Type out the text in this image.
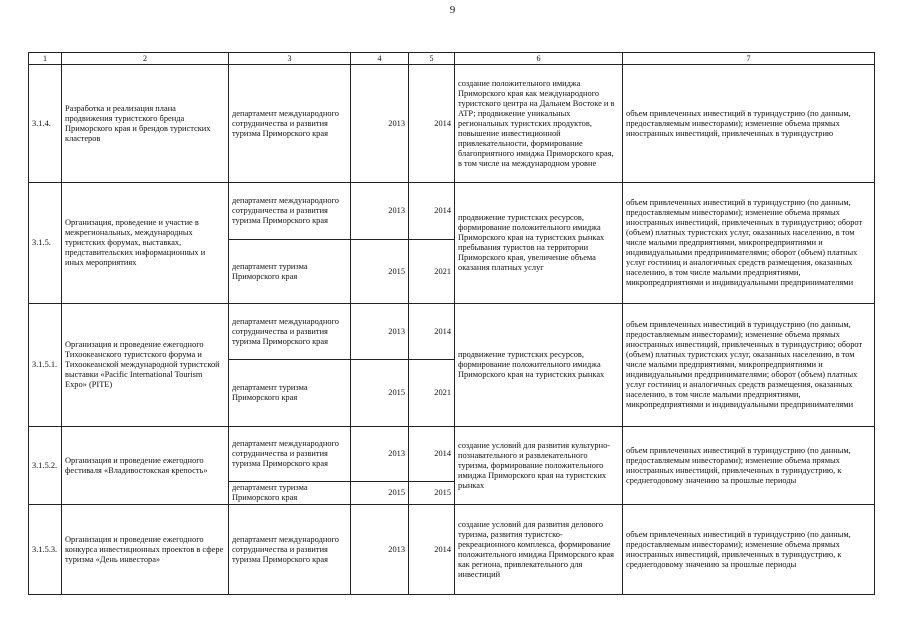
9
1	2	3	4	5	6	7
3.1.4.	Разработка и реализация плана продвижения туристского бренда Приморского края и брендов туристских кластеров	департамент международного сотрудничества и развития туризма Приморского края	2013	2014	создание положительного имиджа Приморского края как международного туристского центра на Дальнем Востоке и в АТР; продвижение уникальных региональных туристских продуктов, повышение инвестиционной привлекательности, формирование благоприятного имиджа Приморского края, в том числе на международном уровне	объем привлеченных инвестиций в туриндустрию (по данным, предоставляемым инвесторами); изменение объема прямых иностранных инвестиций, привлеченных в туриндустрию
3.1.5.	Организация, проведение и участие в межрегиональных, международных туристских форумах, выставках, представительских информационных и иных мероприятиях	департамент международного сотрудничества и развития туризма Приморского края	2013	2014	продвижение туристских ресурсов, формирование положительного имиджа Приморского края на туристских рынках пребывания туристов на территории Приморского края, увеличение объема оказания платных услуг	объем привлеченных инвестиций в туриндустрию (по данным, предоставляемым инвесторами); изменение объема прямых иностранных инвестиций, привлеченных в туриндустрию; оборот (объем) платных туристских услуг, оказанных населению, в том числе малыми предприятиями, микропредприятиями и индивидуальными предпринимателями; оборот (объем) платных услуг гостиниц и аналогичных средств размещения, оказанных населению, в том числе малыми предприятиями, микропредприятиями и индивидуальными предпринимателями
		департамент туризма Приморского края	2015	2021		
3.1.5.1.	Организация и проведение ежегодного Тихоокеанского туристского форума и Тихоокеанской международной туристской выставки «Pacific International Tourism Expo» (PITE)	департамент международного сотрудничества и развития туризма Приморского края	2013	2014	продвижение туристских ресурсов, формирование положительного имиджа Приморского края на туристских рынках	объем привлеченных инвестиций в туриндустрию (по данным, предоставляемым инвесторами); изменение объема прямых иностранных инвестиций, привлеченных в туриндустрию; оборот (объем) платных туристских услуг, оказанных населению, в том числе малыми предприятиями, микропредприятиями и индивидуальными предпринимателями; оборот (объем) платных услуг гостиниц и аналогичных средств размещения, оказанных населению, в том числе малыми предприятиями, микропредприятиями и индивидуальными предпринимателями
		департамент туризма Приморского края	2015	2021		
3.1.5.2.	Организация и проведение ежегодного фестиваля «Владивостокская крепость»	департамент международного сотрудничества и развития туризма Приморского края	2013	2014	создание условий для развития культурно-познавательного и развлекательного туризма, формирование положительного имиджа Приморского края на туристских рынках	объем привлеченных инвестиций в туриндустрию (по данным, предоставляемым инвесторами); изменение объема прямых иностранных инвестиций, привлеченных в туриндустрию, к среднегодовому значению за прошлые периоды
		департамент туризма Приморского края	2015	2015		
3.1.5.3.	Организация и проведение ежегодного конкурса инвестиционных проектов в сфере туризма «День инвестора»	департамент международного сотрудничества и развития туризма Приморского края	2013	2014	создание условий для развития делового туризма, развития туристско-рекреационного комплекса, формирование положительного имиджа Приморского края как региона, привлекательного для инвестиций	объем привлеченных инвестиций в туриндустрию (по данным, предоставляемым инвесторами); изменение объема прямых иностранных инвестиций, привлеченных в туриндустрию, к среднегодовому значению за прошлые периоды
